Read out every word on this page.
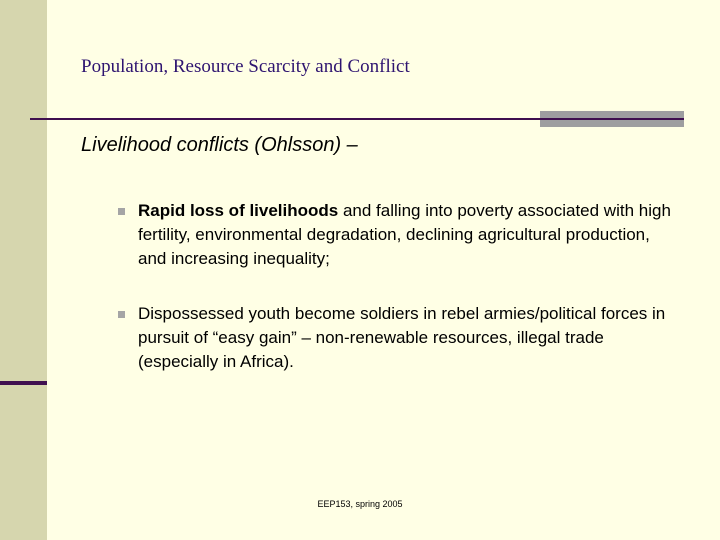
Population, Resource Scarcity and Conflict
Livelihood conflicts (Ohlsson) –
Rapid loss of livelihoods and falling into poverty associated with high fertility, environmental degradation, declining agricultural production, and increasing inequality;
Dispossessed youth become soldiers in rebel armies/political forces in pursuit of “easy gain” – non-renewable resources, illegal trade (especially in Africa).
EEP153, spring 2005
